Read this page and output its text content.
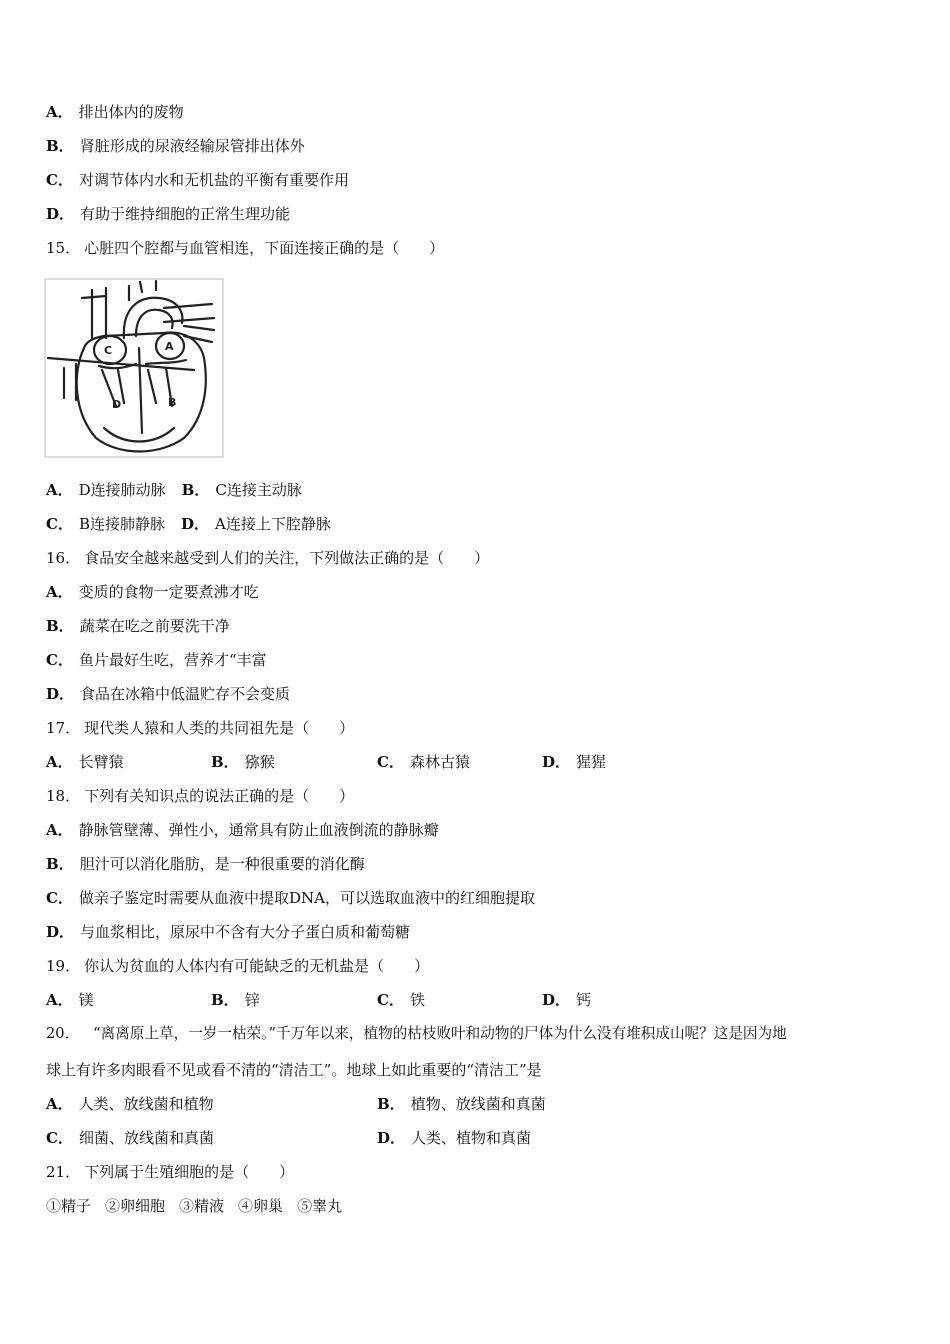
A． 排出体内的废物
B． 肾脏形成的尿液经输尿管排出体外
C． 对调节体内水和无机盐的平衡有重要作用
D． 有助于维持细胞的正常生理功能
15． 心脏四个腔都与血管相连，下面连接正确的是（　　）
C	A
D	B
A． D连接肺动脉 B． C连接主动脉
C． B连接肺静脉 D． A连接上下腔静脉
16． 食品安全越来越受到人们的关注，下列做法正确的是（　　）
A． 变质的食物一定要煮沸才吃
B． 蔬菜在吃之前要洗干净
C． 鱼片最好生吃，营养才“丰富
D． 食品在冰箱中低温贮存不会变质
17． 现代类人猿和人类的共同祖先是（　　）
A． 长臂猿	B． 猕猴	C． 森林古猿	D． 猩猩
18． 下列有关知识点的说法正确的是（　　）
A． 静脉管壁薄、弹性小，通常具有防止血液倒流的静脉瓣
B． 胆汁可以消化脂肪，是一种很重要的消化酶
C． 做亲子鉴定时需要从血液中提取DNA，可以选取血液中的红细胞提取
D． 与血浆相比，原尿中不含有大分子蛋白质和葡萄糖
19． 你认为贫血的人体内有可能缺乏的无机盐是（　　）
A． 镁	B． 锌	C． 铁	D． 钙
20． “离离原上草，一岁一枯荣。”千万年以来，植物的枯枝败叶和动物的尸体为什么没有堆积成山呢？这是因为地
球上有许多肉眼看不见或看不清的“清洁工”。地球上如此重要的“清洁工”是
A． 人类、放线菌和植物	B． 植物、放线菌和真菌
C． 细菌、放线菌和真菌	D． 人类、植物和真菌
21． 下列属于生殖细胞的是（　　）
①精子 ②卵细胞 ③精液 ④卵巢 ⑤睾丸
